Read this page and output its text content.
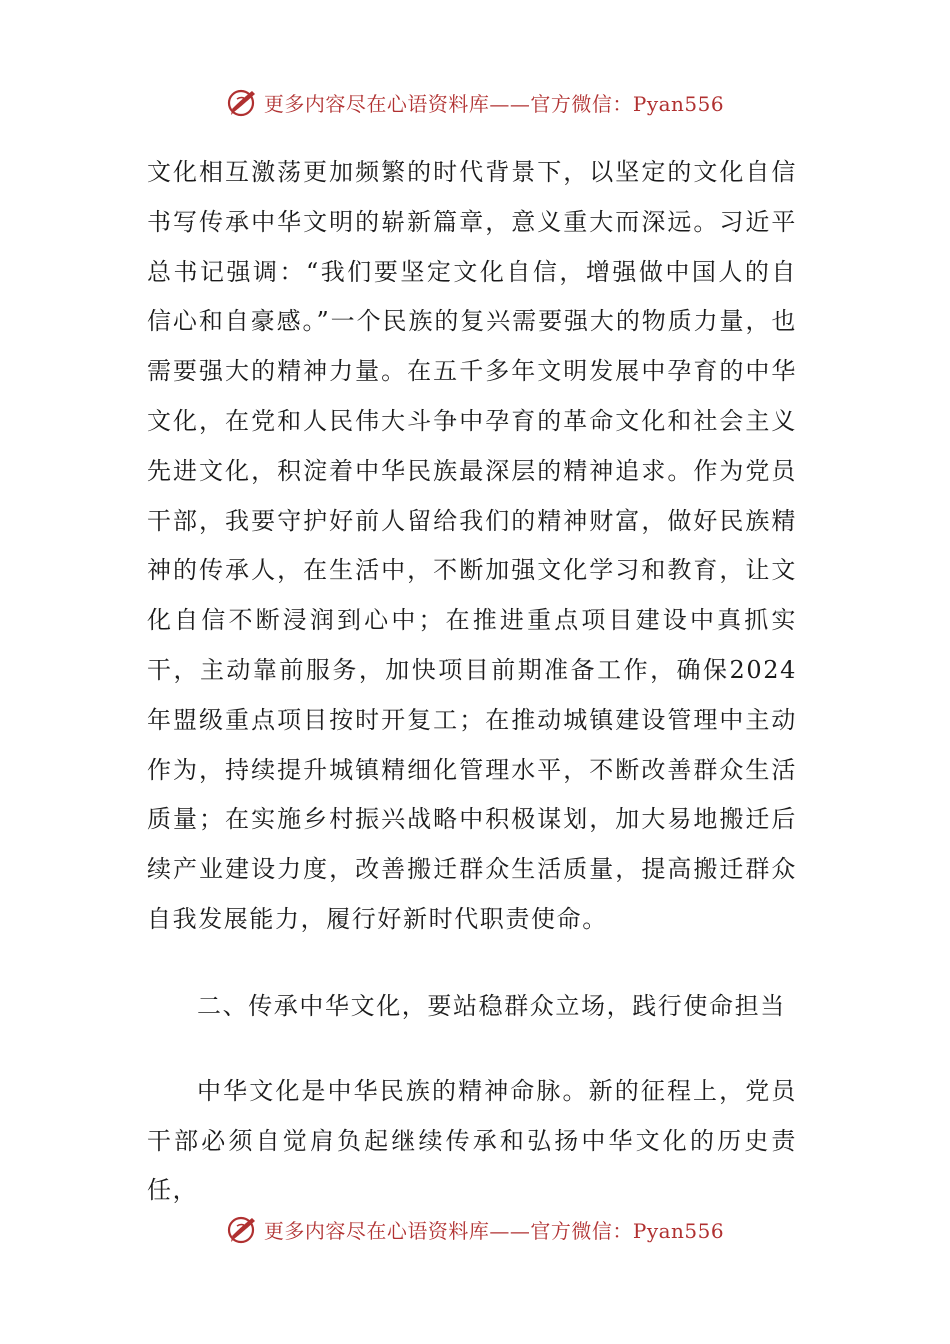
更多内容尽在心语资料库——官方微信：Pyan556

文化相互激荡更加频繁的时代背景下，以坚定的文化自信书写传承中华文明的崭新篇章，意义重大而深远。习近平总书记强调：“我们要坚定文化自信，增强做中国人的自信心和自豪感。”一个民族的复兴需要强大的物质力量，也需要强大的精神力量。在五千多年文明发展中孕育的中华文化，在党和人民伟大斗争中孕育的革命文化和社会主义先进文化，积淀着中华民族最深层的精神追求。作为党员干部，我要守护好前人留给我们的精神财富，做好民族精神的传承人，在生活中，不断加强文化学习和教育，让文化自信不断浸润到心中；在推进重点项目建设中真抓实干，主动靠前服务，加快项目前期准备工作，确保2024年盟级重点项目按时开复工；在推动城镇建设管理中主动作为，持续提升城镇精细化管理水平，不断改善群众生活质量；在实施乡村振兴战略中积极谋划，加大易地搬迁后续产业建设力度，改善搬迁群众生活质量，提高搬迁群众自我发展能力，履行好新时代职责使命。

二、传承中华文化，要站稳群众立场，践行使命担当

中华文化是中华民族的精神命脉。新的征程上，党员干部必须自觉肩负起继续传承和弘扬中华文化的历史责任，

更多内容尽在心语资料库——官方微信：Pyan556
